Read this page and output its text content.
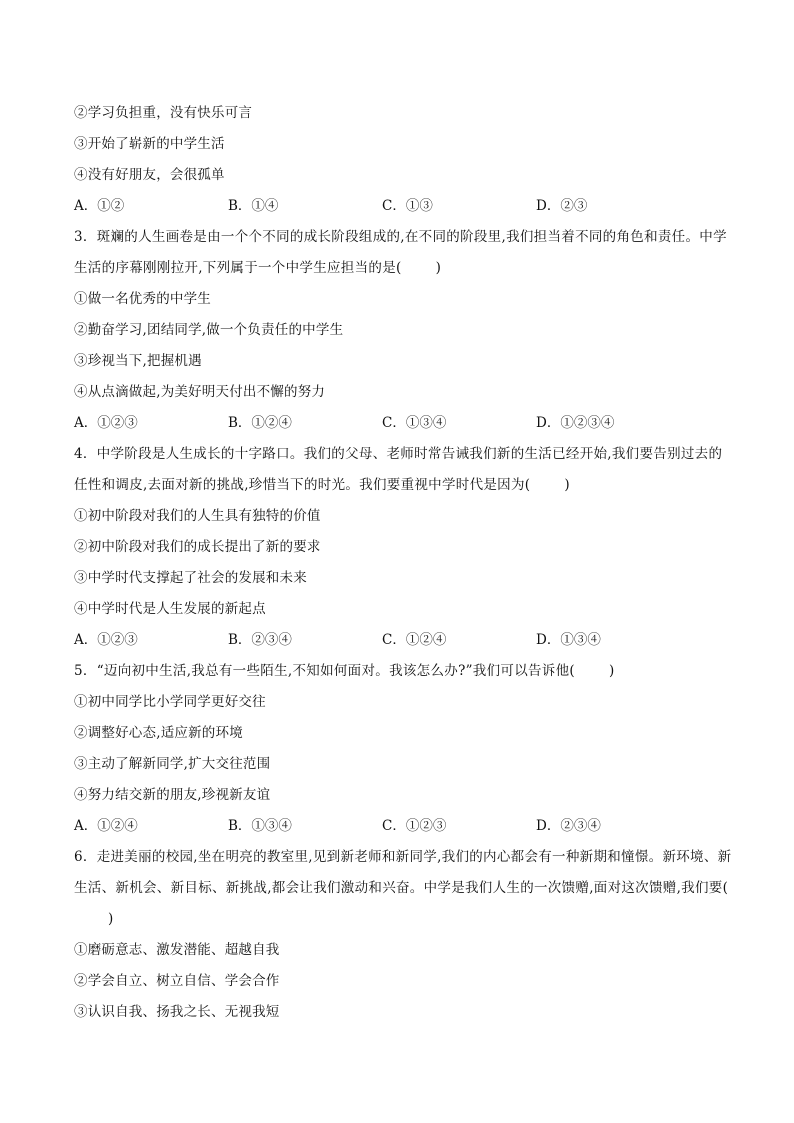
②学习负担重，没有快乐可言
③开始了崭新的中学生活
④没有好朋友，会很孤单
A．①②	B．①④	C．①③	D．②③
3．斑斓的人生画卷是由一个个不同的成长阶段组成的,在不同的阶段里,我们担当着不同的角色和责任。中学生活的序幕刚刚拉开,下列属于一个中学生应担当的是(	)
①做一名优秀的中学生
②勤奋学习,团结同学,做一个负责任的中学生
③珍视当下,把握机遇
④从点滴做起,为美好明天付出不懈的努力
A．①②③	B．①②④	C．①③④	D．①②③④
4．中学阶段是人生成长的十字路口。我们的父母、老师时常告诫我们新的生活已经开始,我们要告别过去的任性和调皮,去面对新的挑战,珍惜当下的时光。我们要重视中学时代是因为(	)
①初中阶段对我们的人生具有独特的价值
②初中阶段对我们的成长提出了新的要求
③中学时代支撑起了社会的发展和未来
④中学时代是人生发展的新起点
A．①②③	B．②③④	C．①②④	D．①③④
5．“迈向初中生活,我总有一些陌生,不知如何面对。我该怎么办?”我们可以告诉他(	)
①初中同学比小学同学更好交往
②调整好心态,适应新的环境
③主动了解新同学,扩大交往范围
④努力结交新的朋友,珍视新友谊
A．①②④	B．①③④	C．①②③	D．②③④
6．走进美丽的校园,坐在明亮的教室里,见到新老师和新同学,我们的内心都会有一种新期和憧憬。新环境、新生活、新机会、新目标、新挑战,都会让我们激动和兴奋。中学是我们人生的一次馈赠,面对这次馈赠,我们要()
①磨砺意志、激发潜能、超越自我
②学会自立、树立自信、学会合作
③认识自我、扬我之长、无视我短
